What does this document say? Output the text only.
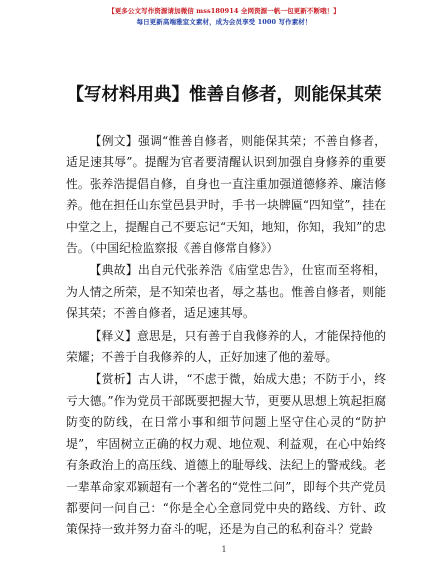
【更多公文写作资源请加微信 mss180914 全网资源一帆一包更新不断哦！】
每日更新高端雅室文素材，成为会员享受 1000 写作素材！
【写材料用典】惟善自修者，则能保其荣

【例文】强调“惟善自修者，则能保其荣；不善自修者，适足速其辱”。提醒为官者要清醒认识到加强自身修养的重要性。张养浩提倡自修，自身也一直注重加强道德修养、廉洁修养。他在担任山东堂邑县尹时，手书一块牌匾“四知堂”，挂在中堂之上，提醒自己不要忘记“天知，地知，你知，我知”的忠告。（中国纪检监察报《善自修常自修》）

【典故】出自元代张养浩《庙堂忠告》，仕宦而至将相，为人情之所荣，是不知荣也者，辱之基也。惟善自修者，则能保其荣；不善自修者，适足速其辱。

【释义】意思是，只有善于自我修养的人，才能保持他的荣耀；不善于自我修养的人，正好加速了他的羞辱。

【赏析】古人讲，“不虑于微，始成大患；不防于小，终亏大德。”作为党员干部既要把握大节，更要从思想上筑起拒腐防变的防线，在日常小事和细节问题上坚守住心灵的“防护堤”，牢固树立正确的权力观、地位观、利益观，在心中始终有条政治上的高压线、道德上的耻辱线、法纪上的警戒线。老一辈革命家邓颖超有一个著名的“党性二问”，即每个共产党员都要问一问自己：“你是全心全意同党中央的路线、方针、政策保持一致并努力奋斗的呢，还是为自己的私利奋斗？党龄

1
